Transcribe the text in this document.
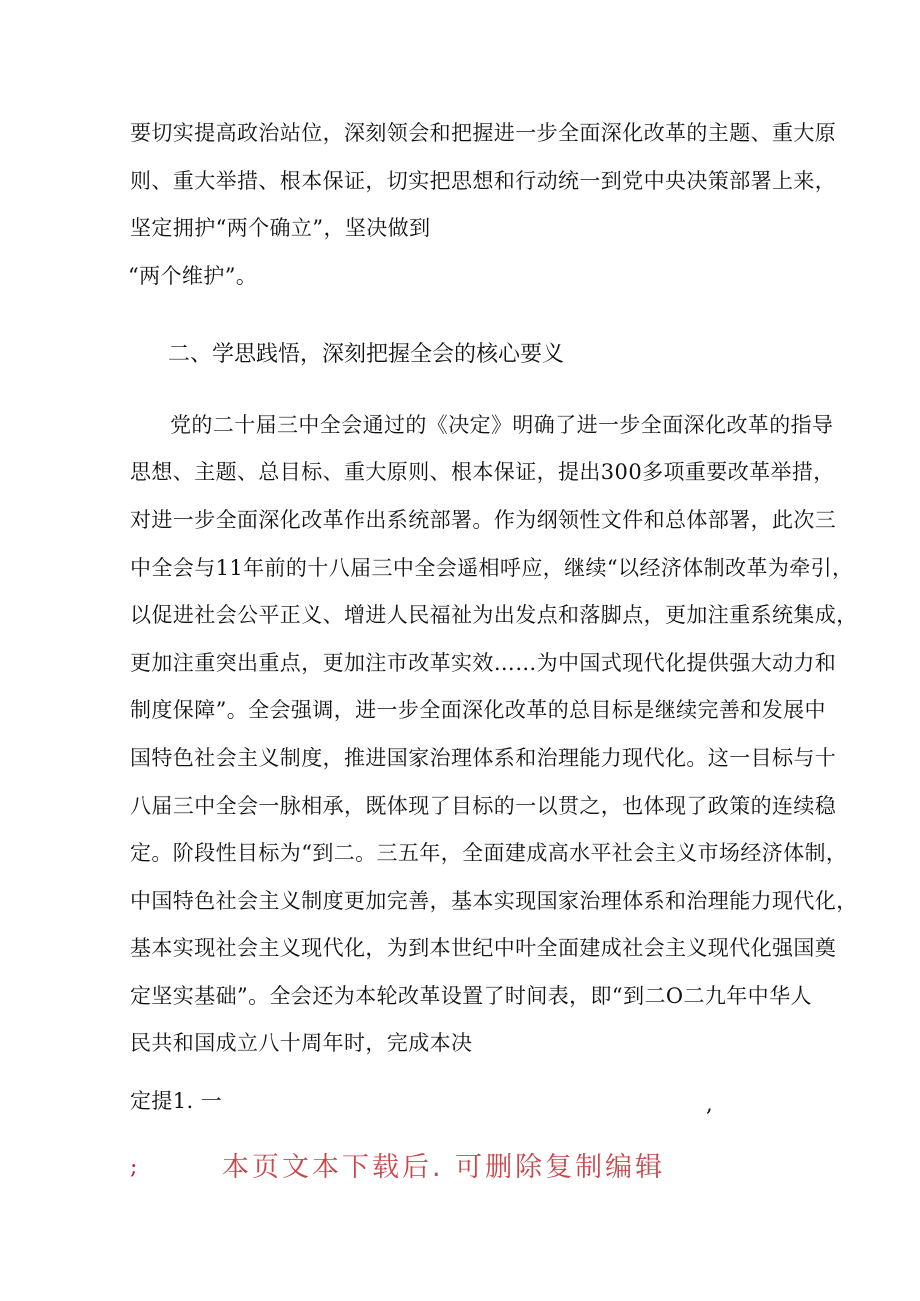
要切实提高政治站位，深刻领会和把握进一步全面深化改革的主题、重大原
则、重大举措、根本保证，切实把思想和行动统一到党中央决策部署上来，
坚定拥护“两个确立”，坚决做到
“两个维护”。
二、学思践悟，深刻把握全会的核心要义
党的二十届三中全会通过的《决定》明确了进一步全面深化改革的指导
思想、主题、总目标、重大原则、根本保证，提出300多项重要改革举措，
对进一步全面深化改革作出系统部署。作为纲领性文件和总体部署，此次三
中全会与11年前的十八届三中全会遥相呼应，继续“以经济体制改革为牵引，
以促进社会公平正义、增进人民福祉为出发点和落脚点，更加注重系统集成，
更加注重突出重点，更加注市改革实效……为中国式现代化提供强大动力和
制度保障”。全会强调，进一步全面深化改革的总目标是继续完善和发展中
国特色社会主义制度，推进国家治理体系和治理能力现代化。这一目标与十
八届三中全会一脉相承，既体现了目标的一以贯之，也体现了政策的连续稳
定。阶段性目标为“到二。三五年，全面建成高水平社会主义市场经济体制，
中国特色社会主义制度更加完善，基本实现国家治理体系和治理能力现代化，
基本实现社会主义现代化，为到本世纪中叶全面建成社会主义现代化强国奠
定坚实基础”。全会还为本轮改革设置了时间表，即“到二O二九年中华人
民共和国成立八十周年时，完成本决
定提1. 一	,
;	本页文本下载后. 可删除复制编辑
